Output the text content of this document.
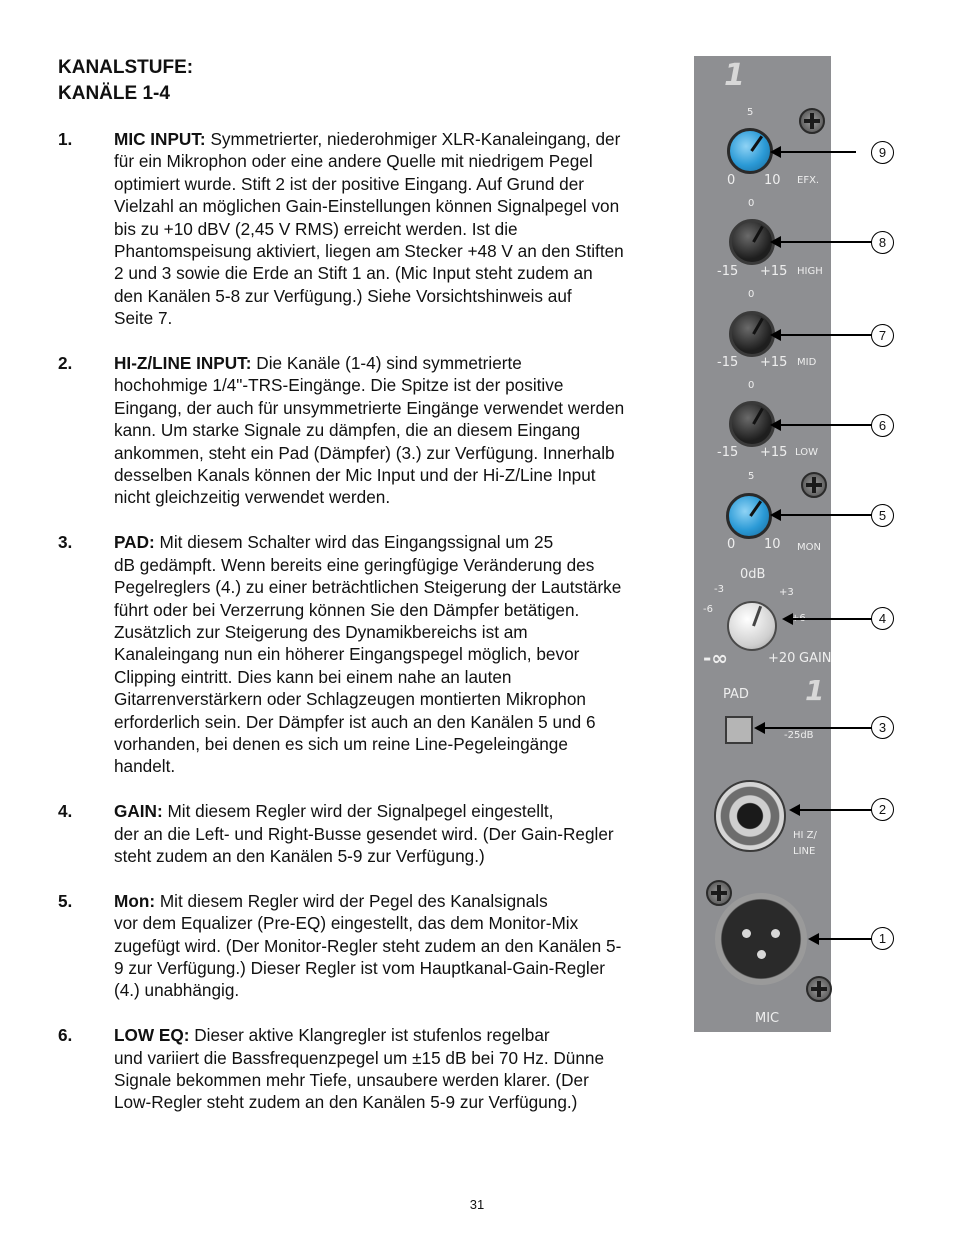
KANALSTUFE:
KANÄLE 1-4
1. MIC INPUT: Symmetrierter, niederohmiger XLR-Kanaleingang, der
für ein Mikrophon oder eine andere Quelle mit niedrigem Pegel
optimiert wurde. Stift 2 ist der positive Eingang. Auf Grund der
Vielzahl an möglichen Gain-Einstellungen können Signalpegel von
bis zu +10 dBV (2,45 V RMS) erreicht werden. Ist die
Phantomspeisung aktiviert, liegen am Stecker +48 V an den Stiften
2 und 3 sowie die Erde an Stift 1 an. (Mic Input steht zudem an
den Kanälen 5-8 zur Verfügung.) Siehe Vorsichtshinweis auf
Seite 7.
2. HI-Z/LINE INPUT: Die Kanäle (1-4) sind symmetrierte
hochohmige 1/4"-TRS-Eingänge. Die Spitze ist der positive
Eingang, der auch für unsymmetrierte Eingänge verwendet werden
kann. Um starke Signale zu dämpfen, die an diesem Eingang
ankommen, steht ein Pad (Dämpfer) (3.) zur Verfügung. Innerhalb
desselben Kanals können der Mic Input und der Hi-Z/Line Input
nicht gleichzeitig verwendet werden.
3. PAD: Mit diesem Schalter wird das Eingangssignal um 25
dB gedämpft. Wenn bereits eine geringfügige Veränderung des
Pegelreglers (4.) zu einer beträchtlichen Steigerung der Lautstärke
führt oder bei Verzerrung können Sie den Dämpfer betätigen.
Zusätzlich zur Steigerung des Dynamikbereichs ist am
Kanaleingang nun ein höherer Eingangspegel möglich, bevor
Clipping eintritt. Dies kann bei einem nahe an lauten
Gitarrenverstärkern oder Schlagzeugen montierten Mikrophon
erforderlich sein. Der Dämpfer ist auch an den Kanälen 5 und 6
vorhanden, bei denen es sich um reine Line-Pegeleingänge
handelt.
4. GAIN: Mit diesem Regler wird der Signalpegel eingestellt,
der an die Left- und Right-Busse gesendet wird. (Der Gain-Regler
steht zudem an den Kanälen 5-9 zur Verfügung.)
5. Mon: Mit diesem Regler wird der Pegel des Kanalsignals
vor dem Equalizer (Pre-EQ) eingestellt, das dem Monitor-Mix
zugefügt wird. (Der Monitor-Regler steht zudem an den Kanälen 5-
9 zur Verfügung.) Dieser Regler ist vom Hauptkanal-Gain-Regler
(4.) unabhängig.
6. LOW EQ: Dieser aktive Klangregler ist stufenlos regelbar
und variiert die Bassfrequenzpegel um ±15 dB bei 70 Hz. Dünne
Signale bekommen mehr Tiefe, unsaubere werden klarer. (Der
Low-Regler steht zudem an den Kanälen 5-9 zur Verfügung.)
31
1
5
0 10 EFX.
0
-15 +15 HIGH
0
-15 +15 MID
0
-15 +15 LOW
5
0 10 MON
0dB
-3	+3
-6
-∞	+20 GAIN
PAD 1
-25dB
HI Z/
LINE
MIC
9
8
7
6
5
4
3
2
1
